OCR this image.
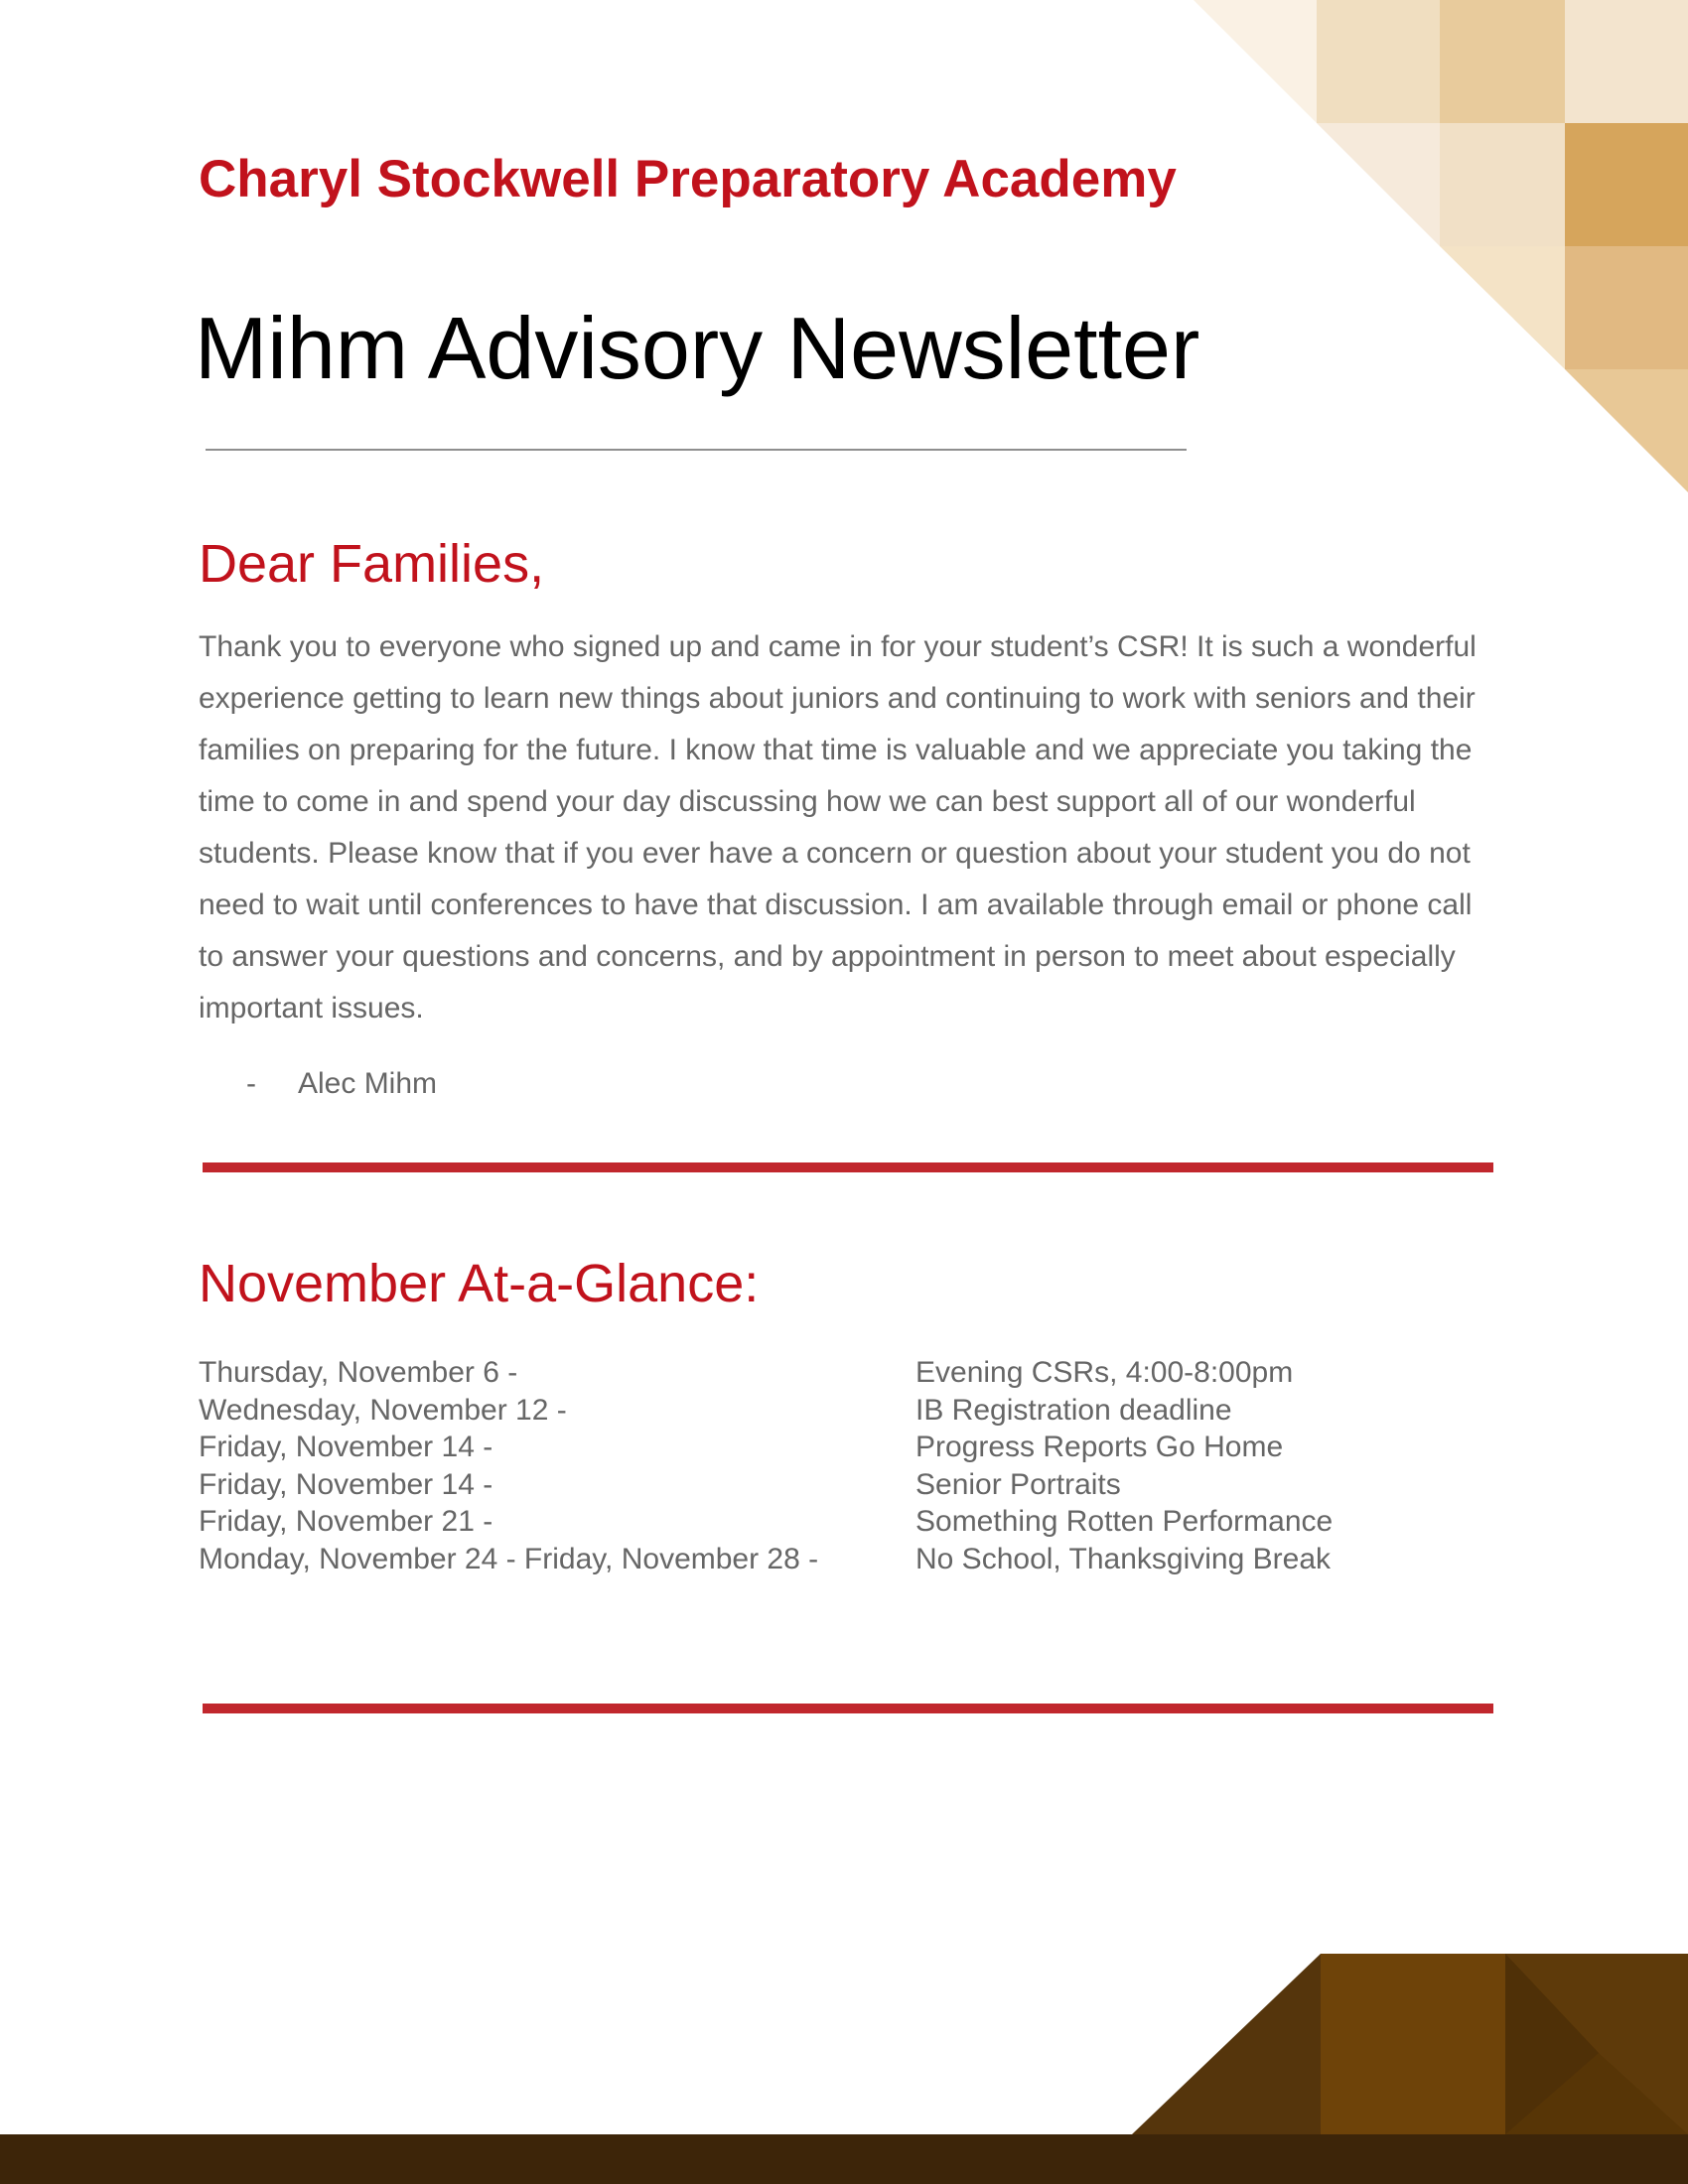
Charyl Stockwell Preparatory Academy
Mihm Advisory Newsletter
Dear Families,

Thank you to everyone who signed up and came in for your student’s CSR! It is such a wonderful experience getting to learn new things about juniors and continuing to work with seniors and their families on preparing for the future. I know that time is valuable and we appreciate you taking the time to come in and spend your day discussing how we can best support all of our wonderful students. Please know that if you ever have a concern or question about your student you do not need to wait until conferences to have that discussion. I am available through email or phone call to answer your questions and concerns, and by appointment in person to meet about especially important issues.

- Alec Mihm
November At-a-Glance:
Thursday, November 6 -	Evening CSRs, 4:00-8:00pm
Wednesday, November 12 -	IB Registration deadline
Friday, November 14 -	Progress Reports Go Home
Friday, November 14 -	Senior Portraits
Friday, November 21 -	Something Rotten Performance
Monday, November 24 - Friday, November 28 -	No School, Thanksgiving Break
